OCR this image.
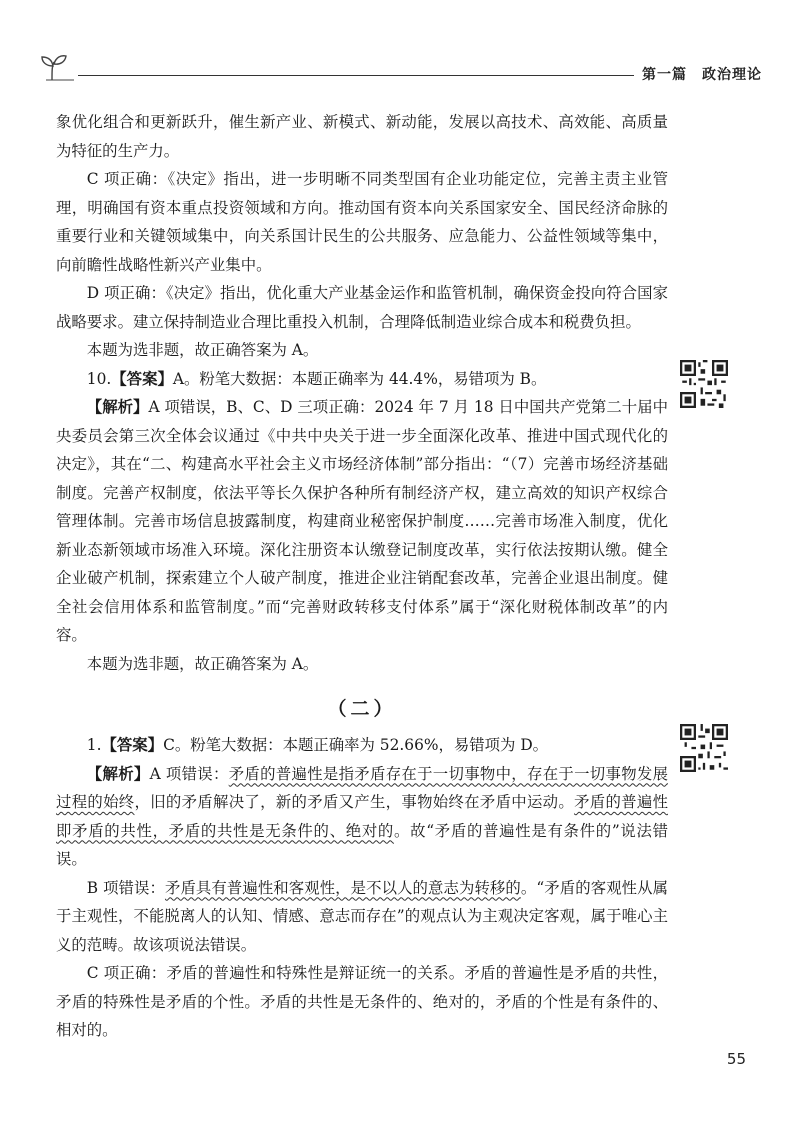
第一篇　政治理论

象优化组合和更新跃升，催生新产业、新模式、新动能，发展以高技术、高效能、高质量为特征的生产力。

C 项正确：《决定》指出，进一步明晰不同类型国有企业功能定位，完善主责主业管理，明确国有资本重点投资领域和方向。推动国有资本向关系国家安全、国民经济命脉的重要行业和关键领域集中，向关系国计民生的公共服务、应急能力、公益性领域等集中，向前瞻性战略性新兴产业集中。

D 项正确：《决定》指出，优化重大产业基金运作和监管机制，确保资金投向符合国家战略要求。建立保持制造业合理比重投入机制，合理降低制造业综合成本和税费负担。

本题为选非题，故正确答案为 A。

10.【答案】A。粉笔大数据：本题正确率为 44.4%，易错项为 B。

【解析】A 项错误，B、C、D 三项正确：2024 年 7 月 18 日中国共产党第二十届中央委员会第三次全体会议通过《中共中央关于进一步全面深化改革、推进中国式现代化的决定》，其在“二、构建高水平社会主义市场经济体制”部分指出：“（7）完善市场经济基础制度。完善产权制度，依法平等长久保护各种所有制经济产权，建立高效的知识产权综合管理体制。完善市场信息披露制度，构建商业秘密保护制度……完善市场准入制度，优化新业态新领域市场准入环境。深化注册资本认缴登记制度改革，实行依法按期认缴。健全企业破产机制，探索建立个人破产制度，推进企业注销配套改革，完善企业退出制度。健全社会信用体系和监管制度。”而“完善财政转移支付体系”属于“深化财税体制改革”的内容。

本题为选非题，故正确答案为 A。

（二）

1.【答案】C。粉笔大数据：本题正确率为 52.66%，易错项为 D。

【解析】A 项错误：矛盾的普遍性是指矛盾存在于一切事物中，存在于一切事物发展过程的始终，旧的矛盾解决了，新的矛盾又产生，事物始终在矛盾中运动。矛盾的普遍性即矛盾的共性，矛盾的共性是无条件的、绝对的。故“矛盾的普遍性是有条件的”说法错误。

B 项错误：矛盾具有普遍性和客观性，是不以人的意志为转移的。“矛盾的客观性从属于主观性，不能脱离人的认知、情感、意志而存在”的观点认为主观决定客观，属于唯心主义的范畴。故该项说法错误。

C 项正确：矛盾的普遍性和特殊性是辩证统一的关系。矛盾的普遍性是矛盾的共性，矛盾的特殊性是矛盾的个性。矛盾的共性是无条件的、绝对的，矛盾的个性是有条件的、相对的。

55
